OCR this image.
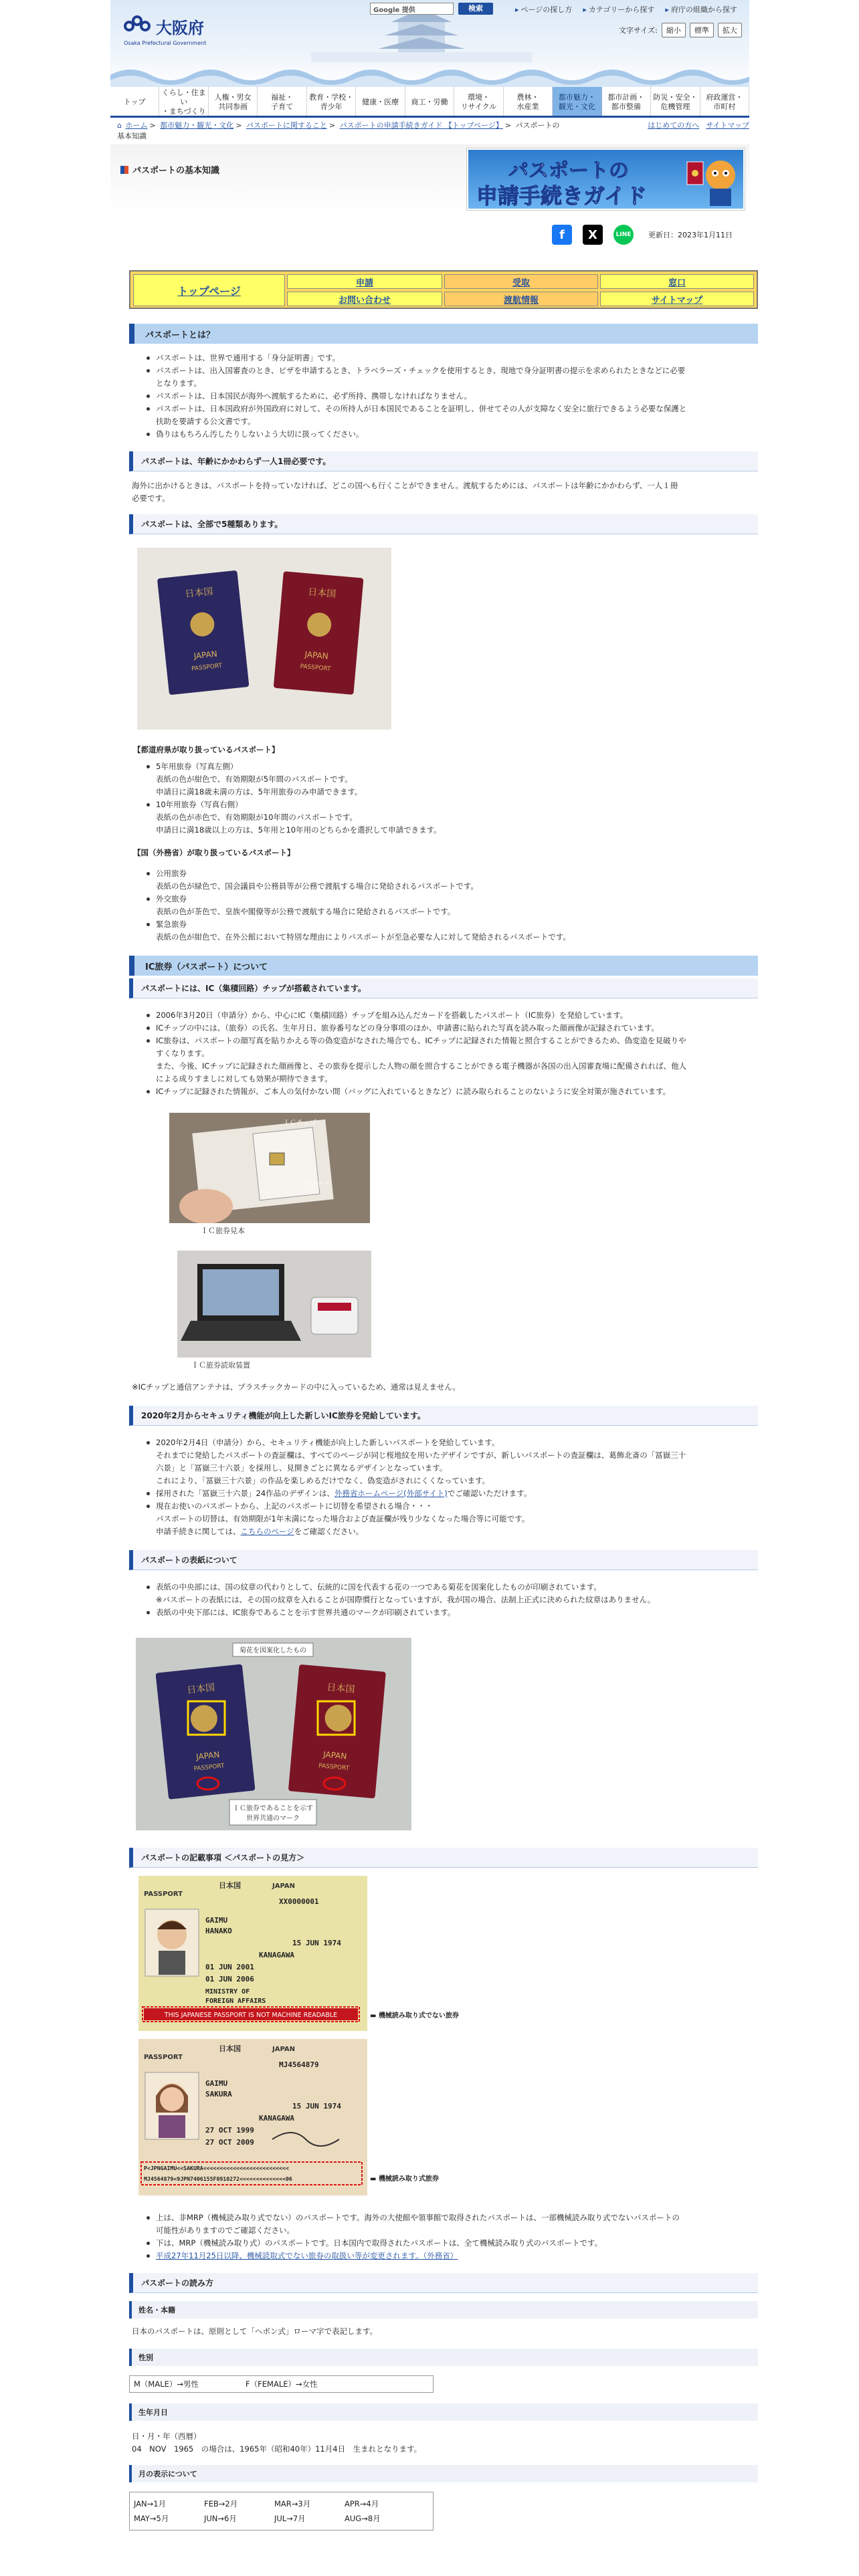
大阪府
Osaka Prefectural Government
Google 提供	検索	▸ ページの探し方	▸ カテゴリーから探す	▸ 府庁の組織から探す
文字サイズ:	縮小	標準	拡大
トップ
くらし・住まい
・まちづくり
人権・男女
共同参画
福祉・
子育て
教育・学校・
青少年
健康・医療 商工・労働
環境・
リサイクル
農林・
水産業
都市魅力・
観光・文化
都市計画・
都市整備
防災・安全・
危機管理
府政運営・
市町村
⌂ ホーム > 都市魅力・観光・文化 > パスポートに関すること > パスポートの申請手続きガイド 【トップページ】 > パスポートの
基本知識
はじめての方へ サイトマップ
パスポートの基本知識	パスポートの
申請手続きガイド
f	X	LINE	更新日：2023年1月11日
トップページ
申請	受取	窓口
お問い合わせ	渡航情報	サイトマップ
パスポートとは？
パスポートは、世界で通用する「身分証明書」です。
パスポートは、出入国審査のとき、ビザを申請するとき、トラベラーズ・チェックを使用するとき、現地で身分証明書の提示を求められたときなどに必要
となります。
パスポートは、日本国民が海外へ渡航するために、必ず所持、携帯しなければなりません。
パスポートは、日本国政府が外国政府に対して、その所持人が日本国民であることを証明し、併せてその人が支障なく安全に旅行できるよう必要な保護と
扶助を要請する公文書です。
偽りはもちろん汚したりしないよう大切に扱ってください。
パスポートは、年齢にかかわらず一人1冊必要です。

海外に出かけるときは、パスポートを持っていなければ、どこの国へも行くことができません。渡航するためには、パスポートは年齢にかかわらず、一人１冊
必要です。

パスポートは、全部で5種類あります。
日本国
JAPAN
PASSPORT
日本国
JAPAN
PASSPORT
【都道府県が取り扱っているパスポート】
5年用旅券（写真左側）
表紙の色が紺色で、有効期限が5年間のパスポートです。
申請日に満18歳未満の方は、5年用旅券のみ申請できます。
10年用旅券（写真右側）
表紙の色が赤色で、有効期限が10年間のパスポートです。
申請日に満18歳以上の方は、5年用と10年用のどちらかを選択して申請できます。
【国（外務省）が取り扱っているパスポート】
公用旅券
表紙の色が緑色で、国会議員や公務員等が公務で渡航する場合に発給されるパスポートです。
外交旅券
表紙の色が茶色で、皇族や閣僚等が公務で渡航する場合に発給されるパスポートです。
緊急旅券
表紙の色が紺色で、在外公館において特別な理由によりパスポートが至急必要な人に対して発給されるパスポートです。
IC旅券（パスポート）について
パスポートには、IC（集積回路）チップが搭載されています。
2006年3月20日（申請分）から、中心にIC（集積回路）チップを組み込んだカードを搭載したパスポート（IC旅券）を発給しています。
ICチップの中には、（旅券）の氏名、生年月日、旅券番号などの身分事項のほか、申請書に貼られた写真を読み取った顔画像が記録されています。
IC旅券は、パスポートの顔写真を貼りかえる等の偽変造がなされた場合でも、ICチップに記録された情報と照合することができるため、偽変造を見破りや
すくなります。
また、今後、ICチップに記録された顔画像と、その旅券を提示した人物の顔を照合することができる電子機器が各国の出入国審査場に配備されれば、他人
による成りすましに対しても効果が期待できます。
ICチップに記録された情報が、ご本人の気付かない間（バッグに入れているときなど）に読み取られることのないように安全対策が施されています。
ＩＣチップ
アンテナ
ＩＣ旅券見本
ＩＣ旅券読取装置

※ICチップと通信アンテナは、プラスチックカードの中に入っているため、通常は見えません。

2020年2月からセキュリティ機能が向上した新しいIC旅券を発給しています。
2020年2月4日（申請分）から、セキュリティ機能が向上した新しいパスポートを発給しています。
それまでに発給したパスポートの査証欄は、すべてのページが同じ桜地紋を用いたデザインですが、新しいパスポートの査証欄は、葛飾北斎の「冨嶽三十
六景」と「冨嶽三十六景」を採用し、見開きごとに異なるデザインとなっています。
これにより、「冨嶽三十六景」の作品を楽しめるだけでなく、偽変造がされにくくなっています。
採用された「冨嶽三十六景」24作品のデザインは、外務省ホームページ(外部サイト)でご確認いただけます。
現在お使いのパスポートから、上記のパスポートに切替を希望される場合・・・
パスポートの切替は、有効期限が1年未満になった場合および査証欄が残り少なくなった場合等に可能です。
申請手続きに関しては、こちらのページをご確認ください。
パスポートの表紙について
表紙の中央部には、国の紋章の代わりとして、伝統的に国を代表する花の一つである菊花を図案化したものが印刷されています。
※パスポートの表紙には、その国の紋章を入れることが国際慣行となっていますが、我が国の場合、法制上正式に決められた紋章はありません。
表紙の中央下部には、IC旅券であることを示す世界共通のマークが印刷されています。
日本国
JAPAN
PASSPORT
日本国
JAPAN
PASSPORT
菊花を図案化したもの
ＩＣ旅券であることを示す
世界共通のマーク
パスポートの記載事項 ＜パスポートの見方＞
日本国	JAPAN
PASSPORT
XX0000001
GAIMU
HANAKO
15 JUN 1974
KANAGAWA
01 JUN 2001
01 JUN 2006
MINISTRY OF
FOREIGN AFFAIRS
THIS JAPANESE PASSPORT IS NOT MACHINE READABLE	▬ 機械読み取り式でない旅券
日本国	JAPAN
PASSPORT
MJ4564879
GAIMU
SAKURA
15 JUN 1974
KANAGAWA
27 OCT 1999
27 OCT 2009
P<JPNGAIMU<<SAKURA<<<<<<<<<<<<<<<<<<<<<<<<<<
MJ4564879<9JPN7406155F0910272<<<<<<<<<<<<<<06	▬ 機械読み取り式旅券
上は、非MRP（機械読み取り式でない）のパスポートです。海外の大使館や領事館で取得されたパスポートは、一部機械読み取り式でないパスポートの
可能性がありますのでご確認ください。
下は、MRP（機械読み取り式）のパスポートです。日本国内で取得されたパスポートは、全て機械読み取り式のパスポートです。
平成27年11月25日以降、機械読取式でない旅券の取扱い等が変更されます。（外務省）
パスポートの読み方
姓名・本籍

日本のパスポートは、原則として「ヘボン式」ローマ字で表記します。

性別
M（MALE）→男性	F（FEMALE）→女性
生年月日

日・月・年（西暦）
04　NOV　1965　の場合は、1965年（昭和40年）11月4日　生まれとなります。

月の表示について
JAN→1月	FEB→2月	MAR→3月	APR→4月
MAY→5月	JUN→6月	JUL→7月	AUG→8月
